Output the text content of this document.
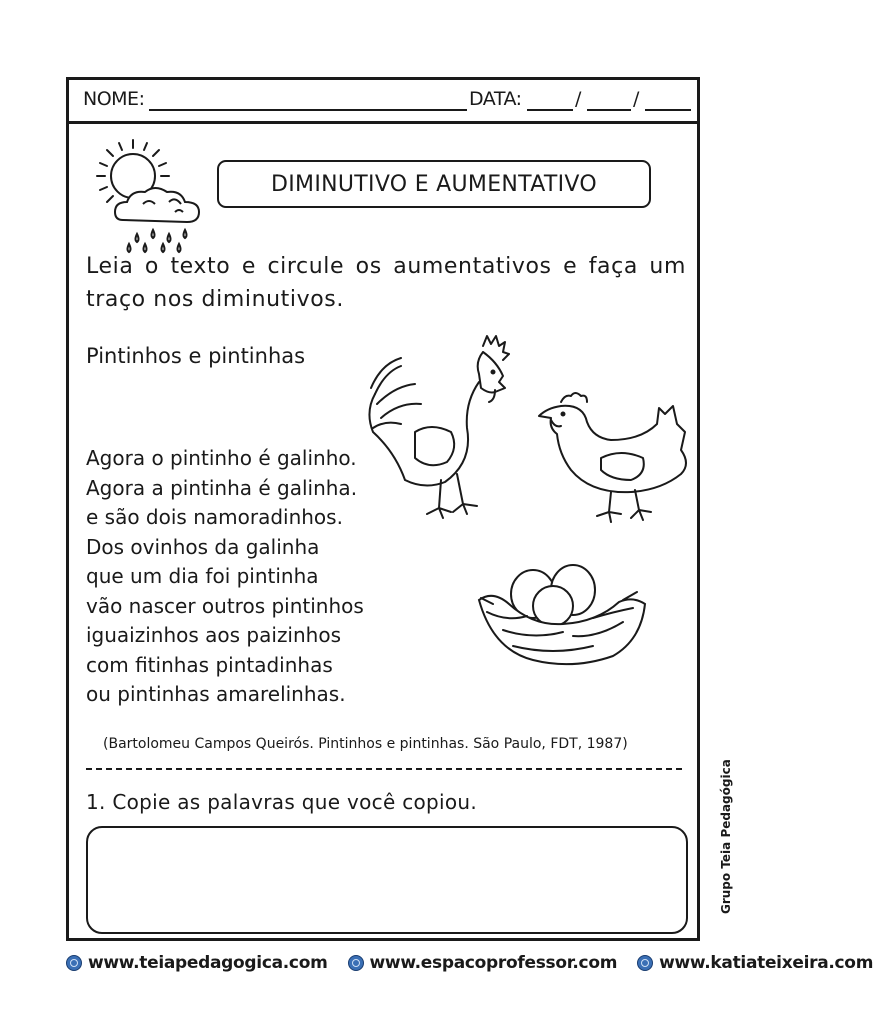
NOME:	DATA:	/	/
DIMINUTIVO E AUMENTATIVO
Leia o texto e circule os aumentativos e faça um traço nos diminutivos.
Pintinhos e pintinhas
Agora o pintinho é galinho.
Agora a pintinha é galinha.
e são dois namoradinhos.
Dos ovinhos da galinha
que um dia foi pintinha
vão nascer outros pintinhos
iguaizinhos aos paizinhos
com fitinhas pintadinhas
ou pintinhas amarelinhas.
(Bartolomeu Campos Queirós. Pintinhos e pintinhas. São Paulo, FDT, 1987)
1. Copie as palavras que você copiou.	Grupo Teia Pedagógica
www.teiapedagogica.com www.espacoprofessor.com www.katiateixeira.com
